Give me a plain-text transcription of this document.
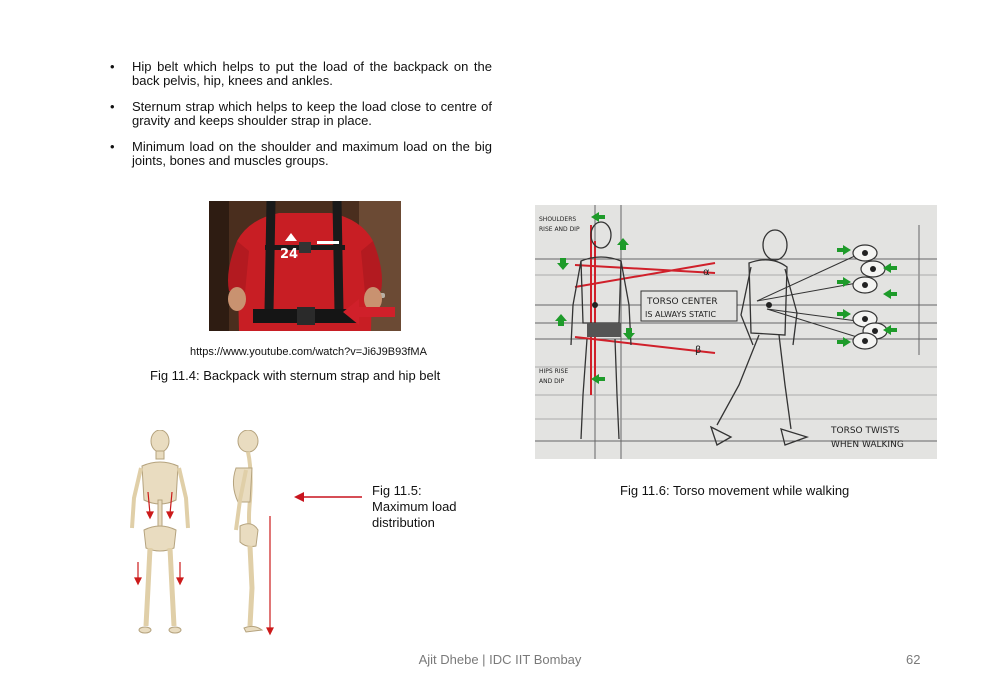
• Hip belt which helps to put the load of the backpack on the back pelvis, hip, knees and ankles.
• Sternum strap which helps to keep the load close to centre of gravity and keeps shoulder strap in place.
• Minimum load on the shoulder and maximum load on the big joints, bones and muscles groups.
24
https://www.youtube.com/watch?v=Ji6J9B93fMA
Fig 11.4: Backpack with sternum strap and hip belt
Fig 11.5: Maximum load distribution
TORSO CENTER
IS ALWAYS STATIC
SHOULDERS
RISE AND DIP
HIPS RISE
AND DIP
TORSO TWISTS
WHEN WALKING
α
β
Fig 11.6: Torso movement while walking
Ajit Dhebe | IDC IIT Bombay	62
